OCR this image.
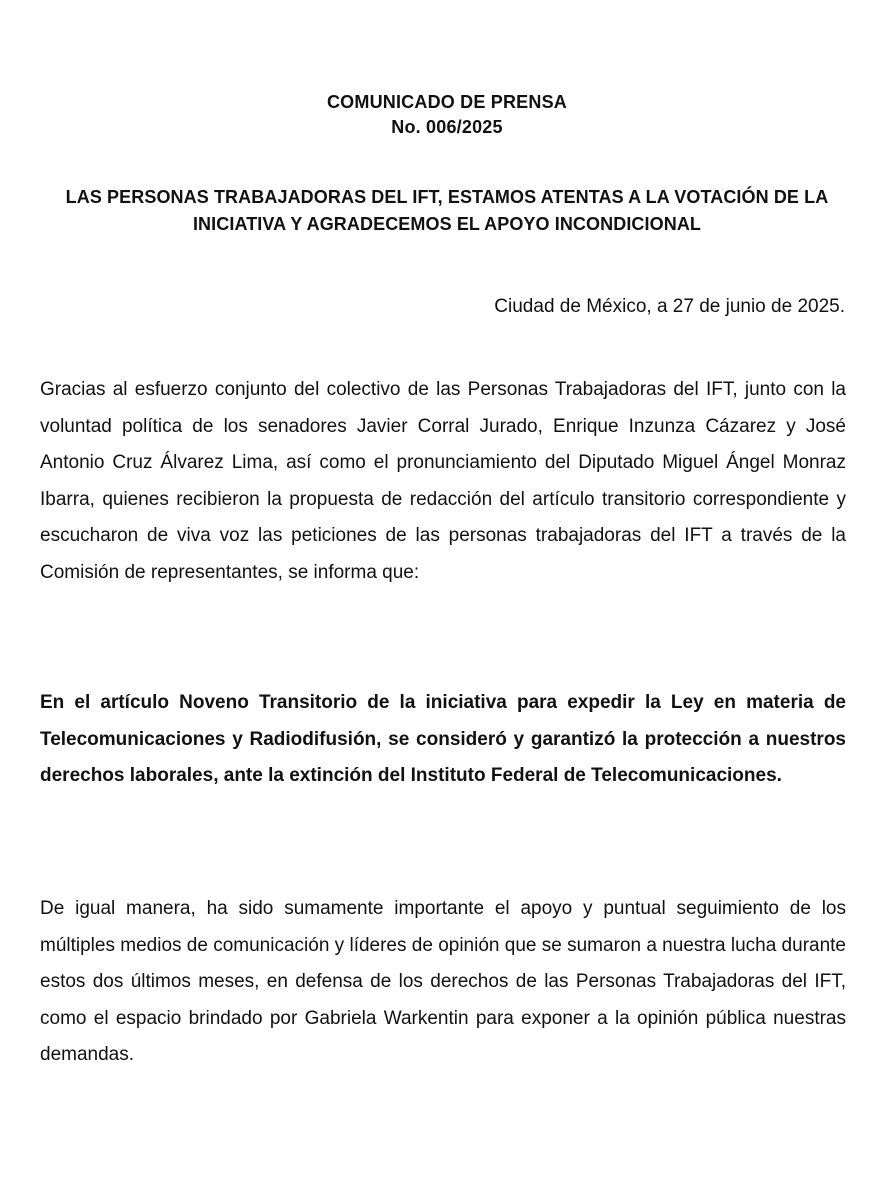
COMUNICADO DE PRENSA
No. 006/2025
LAS PERSONAS TRABAJADORAS DEL IFT, ESTAMOS ATENTAS A LA VOTACIÓN DE LA INICIATIVA Y AGRADECEMOS EL APOYO INCONDICIONAL
Ciudad de México, a 27 de junio de 2025.
Gracias al esfuerzo conjunto del colectivo de las Personas Trabajadoras del IFT, junto con la voluntad política de los senadores Javier Corral Jurado, Enrique Inzunza Cázarez y José Antonio Cruz Álvarez Lima, así como el pronunciamiento del Diputado Miguel Ángel Monraz Ibarra, quienes recibieron la propuesta de redacción del artículo transitorio correspondiente y escucharon de viva voz las peticiones de las personas trabajadoras del IFT a través de la Comisión de representantes, se informa que:
En el artículo Noveno Transitorio de la iniciativa para expedir la Ley en materia de Telecomunicaciones y Radiodifusión, se consideró y garantizó la protección a nuestros derechos laborales, ante la extinción del Instituto Federal de Telecomunicaciones.
De igual manera, ha sido sumamente importante el apoyo y puntual seguimiento de los múltiples medios de comunicación y líderes de opinión que se sumaron a nuestra lucha durante estos dos últimos meses, en defensa de los derechos de las Personas Trabajadoras del IFT, como el espacio brindado por Gabriela Warkentin para exponer a la opinión pública nuestras demandas.
